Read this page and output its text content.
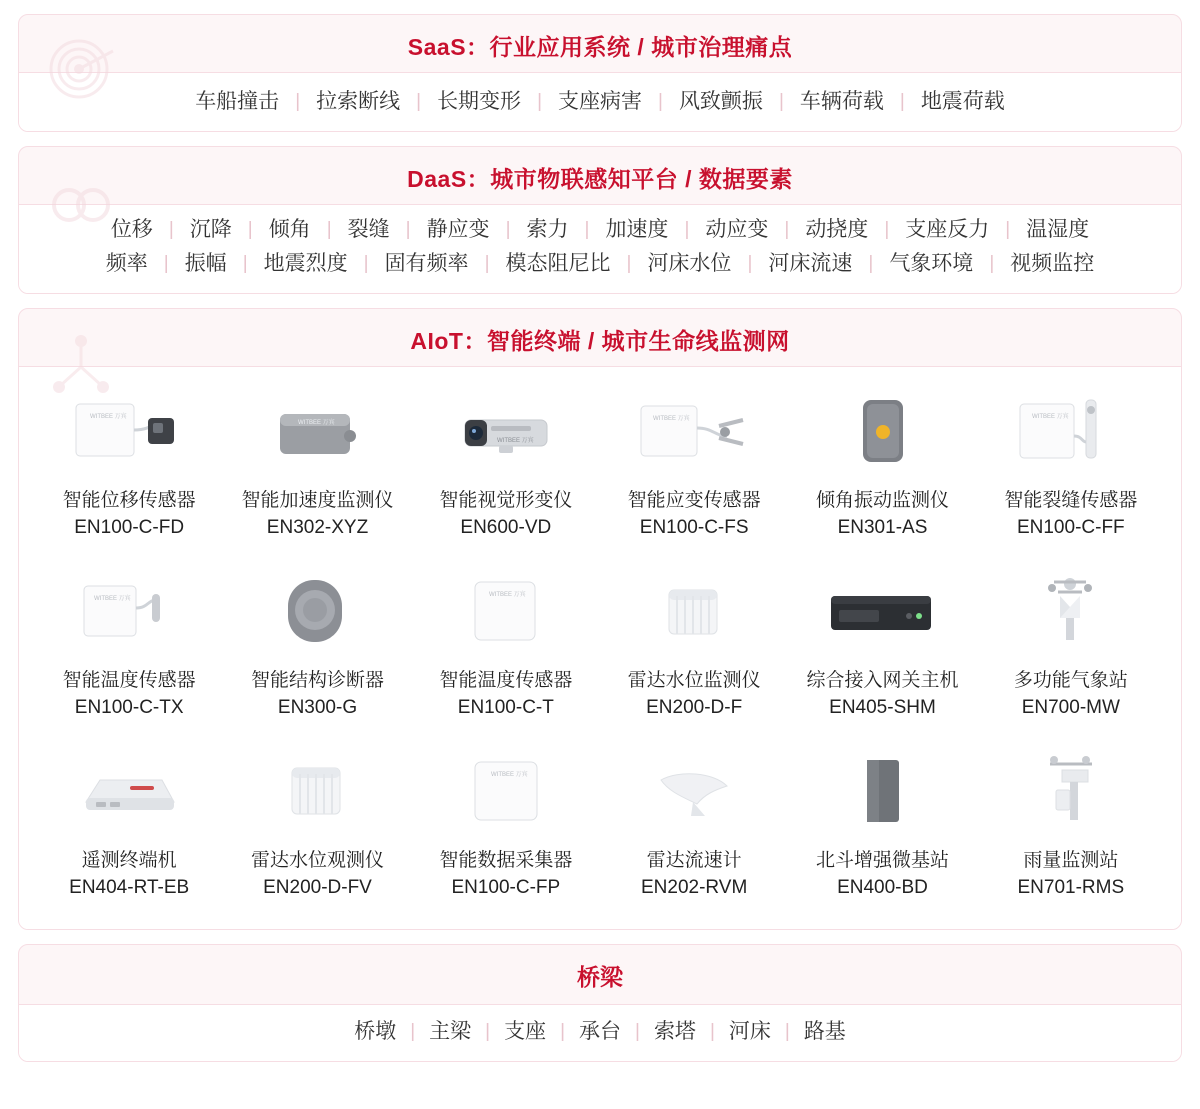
SaaS：行业应用系统 / 城市治理痛点
车船撞击 | 拉索断线 | 长期变形 | 支座病害 | 风致颤振 | 车辆荷载 | 地震荷载
DaaS：城市物联感知平台 / 数据要素
位移 | 沉降 | 倾角 | 裂缝 | 静应变 | 索力 | 加速度 | 动应变 | 动挠度 | 支座反力 | 温湿度
频率 | 振幅 | 地震烈度 | 固有频率 | 模态阻尼比 | 河床水位 | 河床流速 | 气象环境 | 视频监控
AIoT：智能终端 / 城市生命线监测网
WITBEE 万宾
智能位移传感器
EN100-C-FD
WITBEE 万宾
智能加速度监测仪
EN302-XYZ
WITBEE 万宾
智能视觉形变仪
EN600-VD
WITBEE 万宾
智能应变传感器
EN100-C-FS
倾角振动监测仪
EN301-AS
WITBEE 万宾
智能裂缝传感器
EN100-C-FF
WITBEE 万宾
智能温度传感器
EN100-C-TX
智能结构诊断器
EN300-G
WITBEE 万宾
智能温度传感器
EN100-C-T
雷达水位监测仪
EN200-D-F
综合接入网关主机
EN405-SHM
多功能气象站
EN700-MW
遥测终端机
EN404-RT-EB
雷达水位观测仪
EN200-D-FV
WITBEE 万宾
智能数据采集器
EN100-C-FP
雷达流速计
EN202-RVM
北斗增强微基站
EN400-BD
雨量监测站
EN701-RMS
桥梁
桥墩 | 主梁 | 支座 | 承台 | 索塔 | 河床 | 路基
